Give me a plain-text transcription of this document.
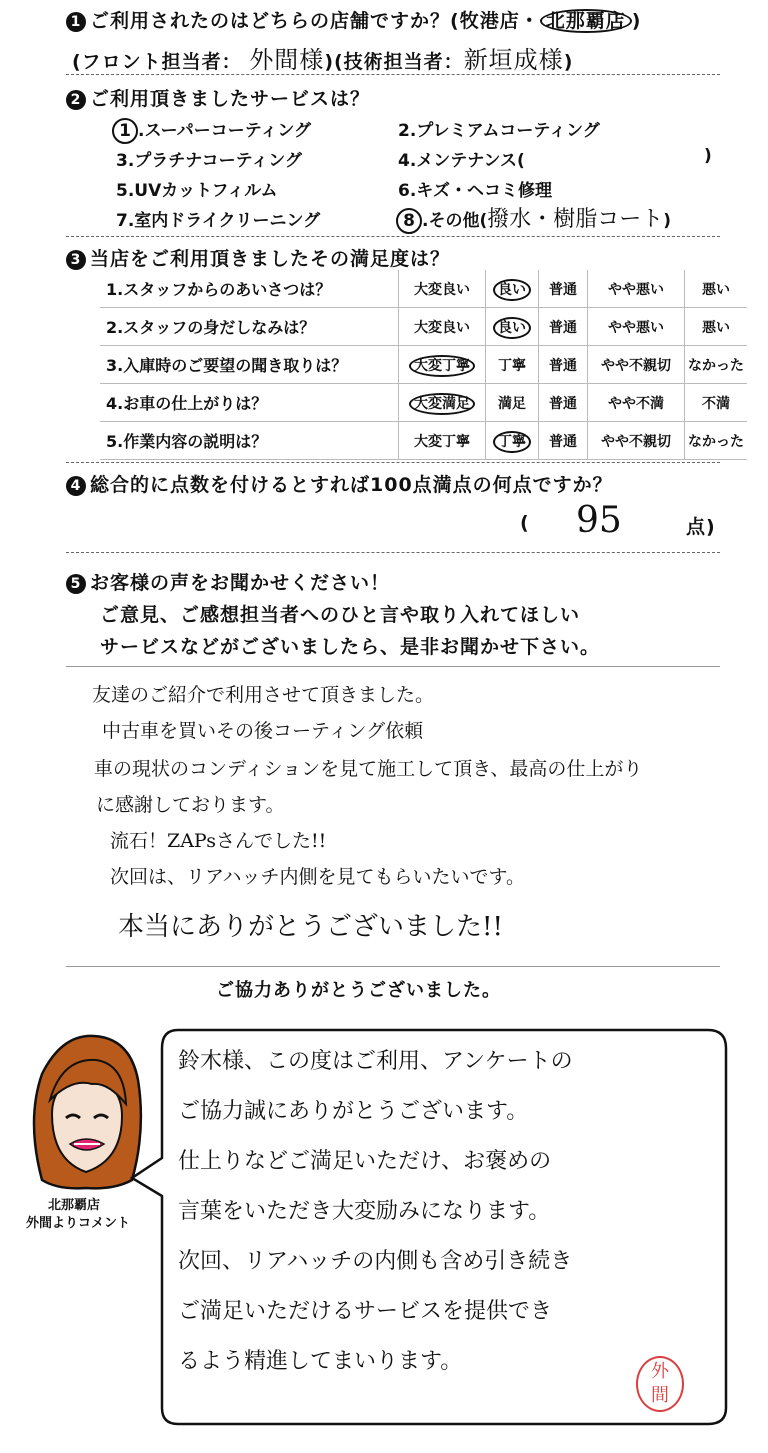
1 ご利用されたのはどちらの店舗ですか？(牧港店・ 北那覇店 )
(フロント担当者： 外間様)(技術担当者：新垣成様)
2 ご利用頂きましたサービスは？
1 .スーパーコーティング	2.プレミアムコーティング
3.プラチナコーティング	4.メンテナンス(	)
5.UVカットフィルム	6.キズ・ヘコミ修理
7.室内ドライクリーニング	8 .その他(撥水・樹脂コート)
3 当店をご利用頂きましたその満足度は？
1.スタッフからのあいさつは？	大変良い	良い	普通	やや悪い	悪い
2.スタッフの身だしなみは？	大変良い	良い	普通	やや悪い	悪い
3.入庫時のご要望の聞き取りは？	大変丁寧	丁寧	普通	やや不親切	なかった
4.お車の仕上がりは？	大変満足	満足	普通	やや不満	不満
5.作業内容の説明は？	大変丁寧	丁寧	普通	やや不親切	なかった
4 総合的に点数を付けるとすれば100点満点の何点ですか？
( 95	点)
5 お客様の声をお聞かせください！
ご意見、ご感想担当者へのひと言や取り入れてほしい
サービスなどがございましたら、是非お聞かせ下さい。
友達のご紹介で利用させて頂きました。
中古車を買いその後コーティング依頼
車の現状のコンディションを見て施工して頂き、最高の仕上がり
に感謝しております。
流石！ZAPsさんでした!!
次回は、リアハッチ内側を見てもらいたいです。
本当にありがとうございました!!
ご協力ありがとうございました。
北那覇店
外間よりコメント
鈴木様、この度はご利用、アンケートの
ご協力誠にありがとうございます。
仕上りなどご満足いただけ、お褒めの
言葉をいただき大変励みになります。
次回、リアハッチの内側も含め引き続き
ご満足いただけるサービスを提供でき
るよう精進してまいります。	外
間
